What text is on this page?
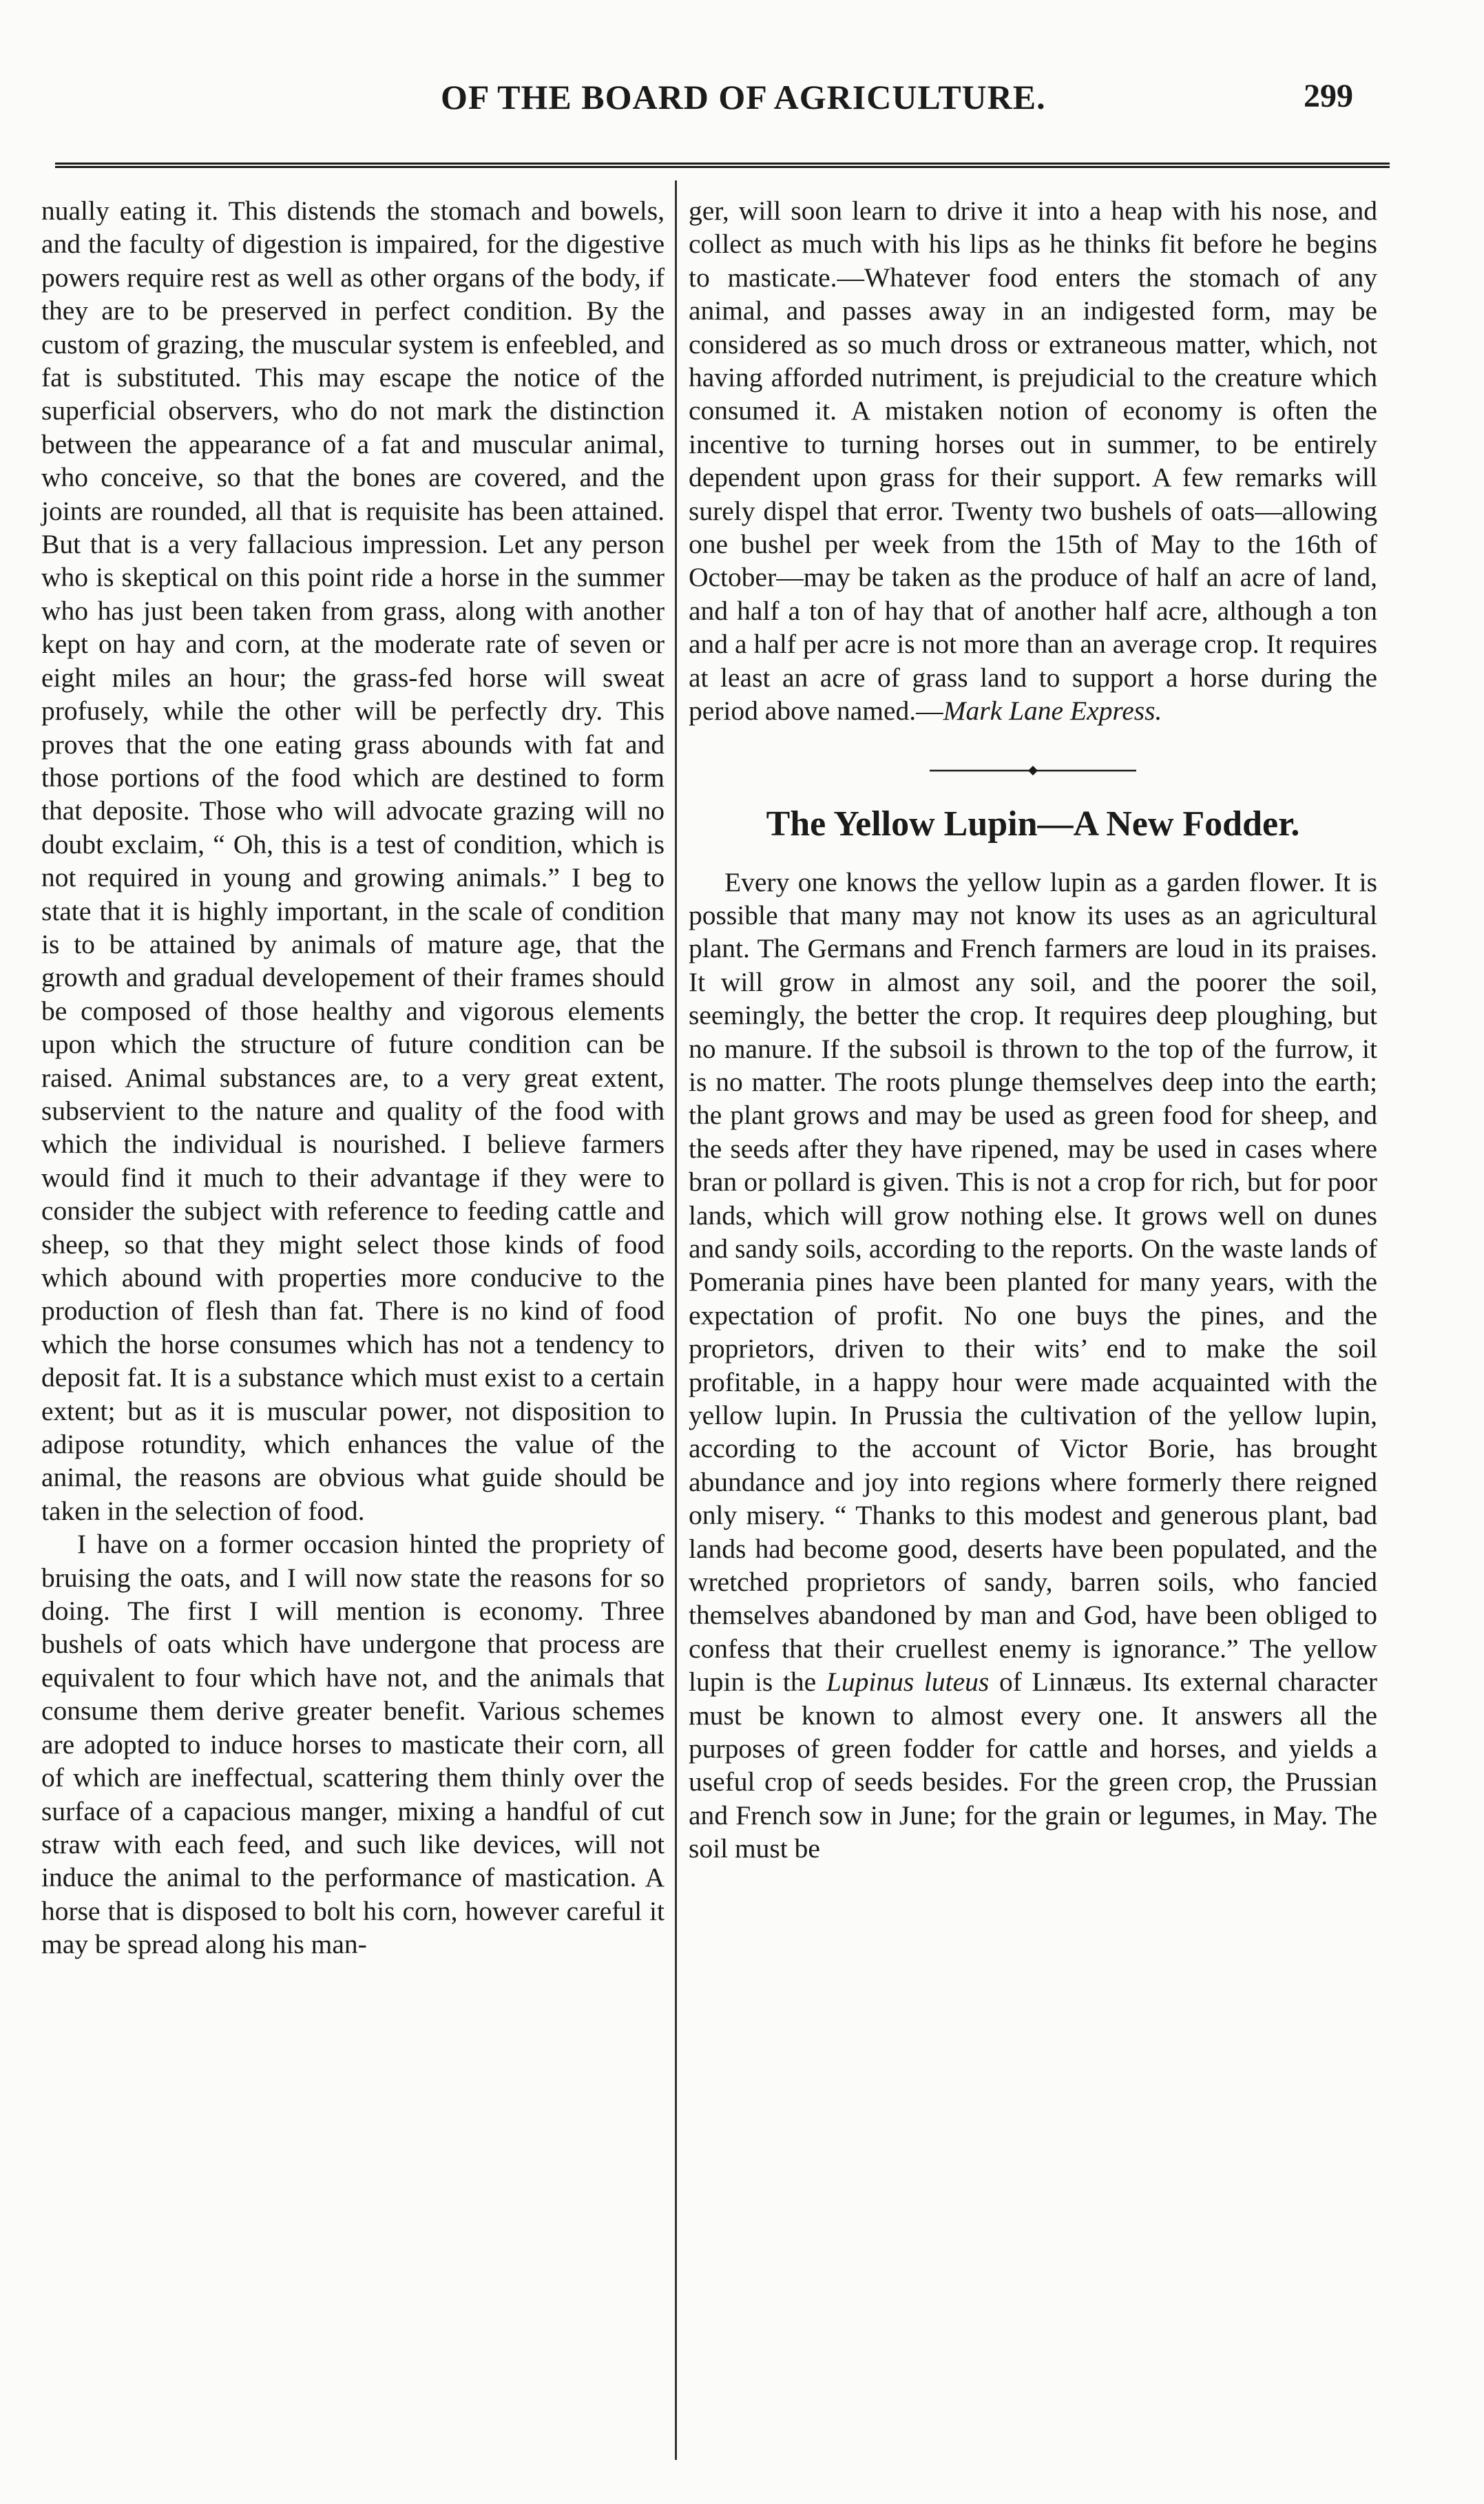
OF THE BOARD OF AGRICULTURE.	299

nually eating it. This distends the stomach and bowels, and the faculty of digestion is impaired, for the digestive powers require rest as well as other organs of the body, if they are to be preserved in perfect condition. By the custom of grazing, the muscular system is enfeebled, and fat is substituted. This may escape the notice of the superficial observers, who do not mark the distinction between the appearance of a fat and muscular animal, who conceive, so that the bones are covered, and the joints are rounded, all that is requisite has been attained. But that is a very fallacious impression. Let any person who is skeptical on this point ride a horse in the summer who has just been taken from grass, along with another kept on hay and corn, at the moderate rate of seven or eight miles an hour; the grass-fed horse will sweat profusely, while the other will be perfectly dry. This proves that the one eating grass abounds with fat and those portions of the food which are destined to form that deposite. Those who will advocate grazing will no doubt exclaim, “ Oh, this is a test of condition, which is not required in young and growing animals.” I beg to state that it is highly important, in the scale of condition is to be attained by animals of mature age, that the growth and gradual developement of their frames should be composed of those healthy and vigorous elements upon which the structure of future condition can be raised. Animal substances are, to a very great extent, subservient to the nature and quality of the food with which the individual is nourished. I believe farmers would find it much to their advantage if they were to consider the subject with reference to feeding cattle and sheep, so that they might select those kinds of food which abound with properties more conducive to the production of flesh than fat. There is no kind of food which the horse consumes which has not a tendency to deposit fat. It is a substance which must exist to a certain extent; but as it is muscular power, not disposition to adipose rotundity, which enhances the value of the animal, the reasons are obvious what guide should be taken in the selection of food.

I have on a former occasion hinted the propriety of bruising the oats, and I will now state the reasons for so doing. The first I will mention is economy. Three bushels of oats which have undergone that process are equivalent to four which have not, and the animals that consume them derive greater benefit. Various schemes are adopted to induce horses to masticate their corn, all of which are ineffectual, scattering them thinly over the surface of a capacious manger, mixing a handful of cut straw with each feed, and such like devices, will not induce the animal to the performance of mastication. A horse that is disposed to bolt his corn, however careful it may be spread along his man-

ger, will soon learn to drive it into a heap with his nose, and collect as much with his lips as he thinks fit before he begins to masticate.—Whatever food enters the stomach of any animal, and passes away in an indigested form, may be considered as so much dross or extraneous matter, which, not having afforded nutriment, is prejudicial to the creature which consumed it. A mistaken notion of economy is often the incentive to turning horses out in summer, to be entirely dependent upon grass for their support. A few remarks will surely dispel that error. Twenty two bushels of oats—allowing one bushel per week from the 15th of May to the 16th of October—may be taken as the produce of half an acre of land, and half a ton of hay that of another half acre, although a ton and a half per acre is not more than an average crop. It requires at least an acre of grass land to support a horse during the period above named.—Mark Lane Express.

The Yellow Lupin—A New Fodder.

Every one knows the yellow lupin as a garden flower. It is possible that many may not know its uses as an agricultural plant. The Germans and French farmers are loud in its praises. It will grow in almost any soil, and the poorer the soil, seemingly, the better the crop. It requires deep ploughing, but no manure. If the subsoil is thrown to the top of the furrow, it is no matter. The roots plunge themselves deep into the earth; the plant grows and may be used as green food for sheep, and the seeds after they have ripened, may be used in cases where bran or pollard is given. This is not a crop for rich, but for poor lands, which will grow nothing else. It grows well on dunes and sandy soils, according to the reports. On the waste lands of Pomerania pines have been planted for many years, with the expectation of profit. No one buys the pines, and the proprietors, driven to their wits’ end to make the soil profitable, in a happy hour were made acquainted with the yellow lupin. In Prussia the cultivation of the yellow lupin, according to the account of Victor Borie, has brought abundance and joy into regions where formerly there reigned only misery. “ Thanks to this modest and generous plant, bad lands had become good, deserts have been populated, and the wretched proprietors of sandy, barren soils, who fancied themselves abandoned by man and God, have been obliged to confess that their cruellest enemy is ignorance.” The yellow lupin is the Lupinus luteus of Linnæus. Its external character must be known to almost every one. It answers all the purposes of green fodder for cattle and horses, and yields a useful crop of seeds besides. For the green crop, the Prussian and French sow in June; for the grain or legumes, in May. The soil must be
